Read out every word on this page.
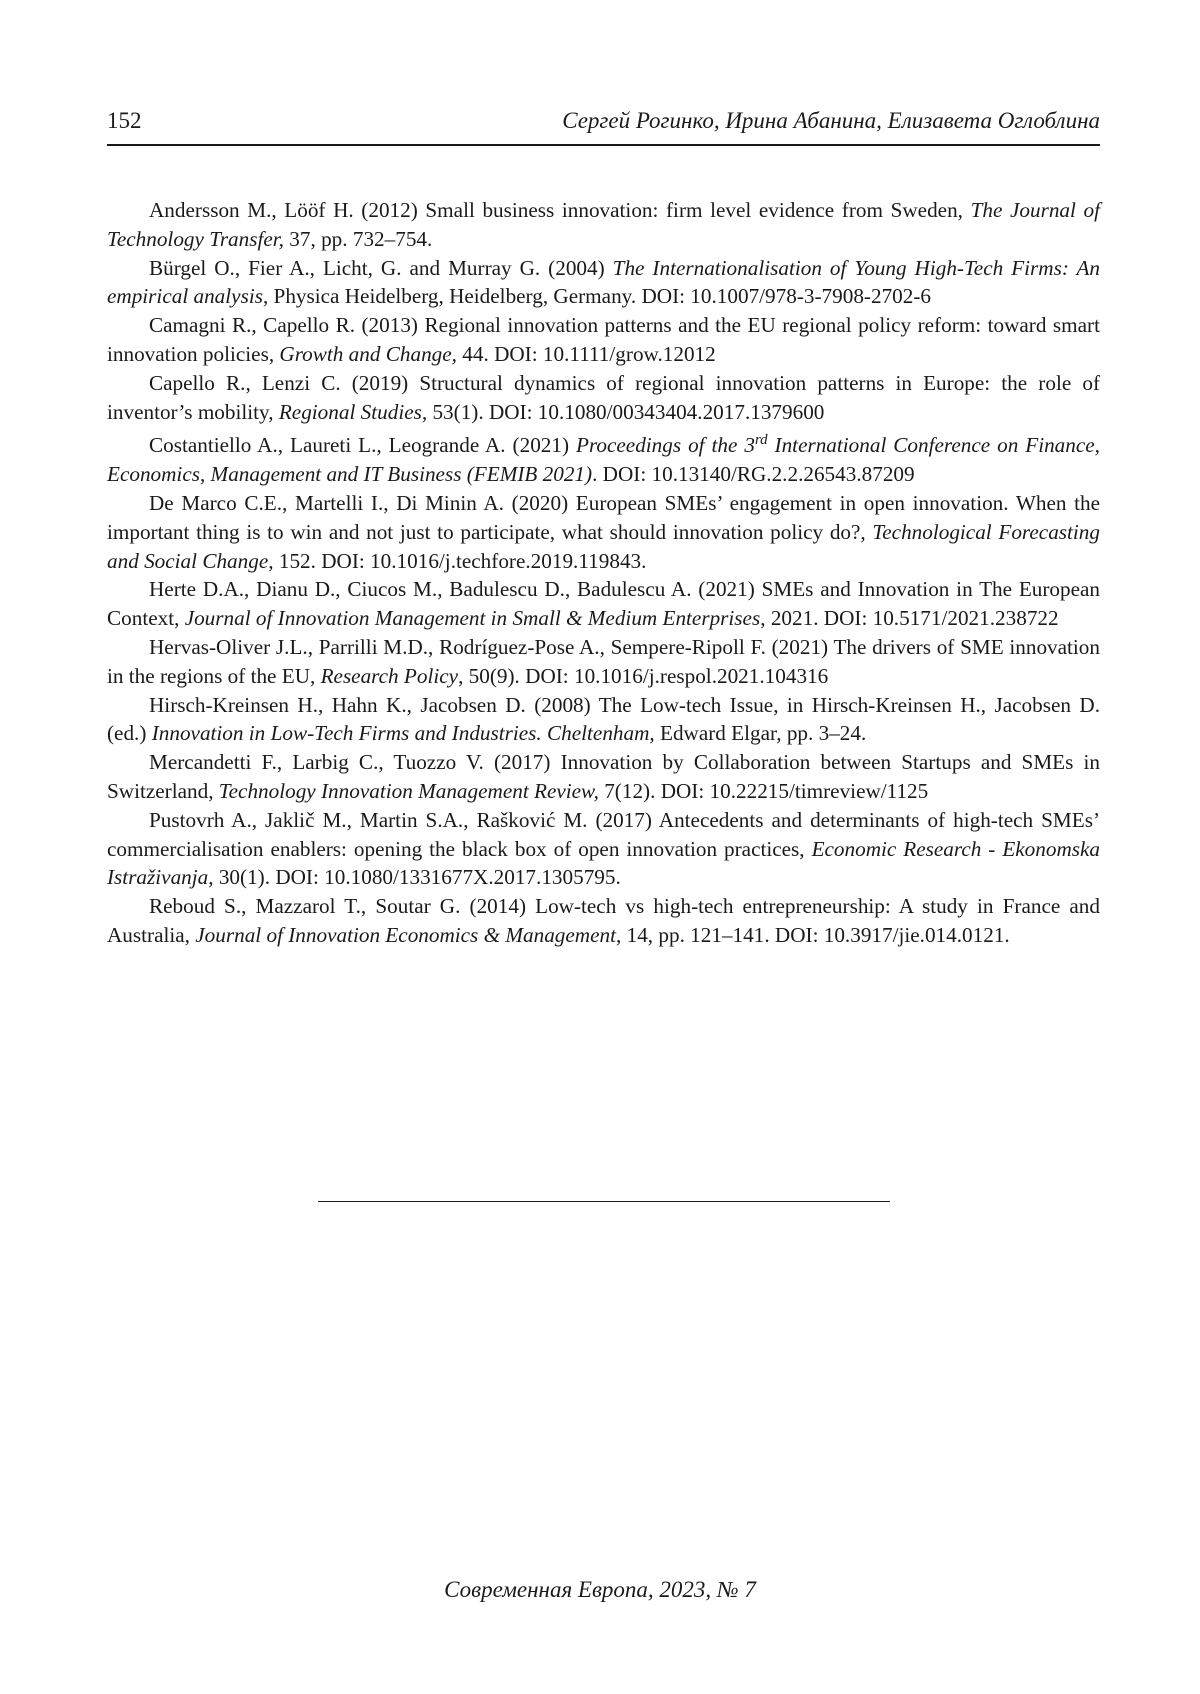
152	Сергей Рогинко, Ирина Абанина, Елизавета Оглоблина

Andersson M., Lööf H. (2012) Small business innovation: firm level evidence from Sweden, The Journal of Technology Transfer, 37, pp. 732–754.

Bürgel O., Fier A., Licht, G. and Murray G. (2004) The Internationalisation of Young High-Tech Firms: An empirical analysis, Physica Heidelberg, Heidelberg, Germany. DOI: 10.1007/978-3-7908-2702-6

Camagni R., Capello R. (2013) Regional innovation patterns and the EU regional policy reform: toward smart innovation policies, Growth and Change, 44. DOI: 10.1111/grow.12012

Capello R., Lenzi C. (2019) Structural dynamics of regional innovation patterns in Europe: the role of inventor’s mobility, Regional Studies, 53(1). DOI: 10.1080/00343404.2017.1379600

Costantiello A., Laureti L., Leogrande A. (2021) Proceedings of the 3rd International Conference on Finance, Economics, Management and IT Business (FEMIB 2021). DOI: 10.13140/RG.2.2.26543.87209

De Marco C.E., Martelli I., Di Minin A. (2020) European SMEs’ engagement in open innovation. When the important thing is to win and not just to participate, what should innovation policy do?, Technological Forecasting and Social Change, 152. DOI: 10.1016/j.techfore.2019.119843.

Herte D.A., Dianu D., Ciucos M., Badulescu D., Badulescu A. (2021) SMEs and Innovation in The European Context, Journal of Innovation Management in Small & Medium Enterprises, 2021. DOI: 10.5171/2021.238722

Hervas-Oliver J.L., Parrilli M.D., Rodríguez-Pose A., Sempere-Ripoll F. (2021) The drivers of SME innovation in the regions of the EU, Research Policy, 50(9). DOI: 10.1016/j.respol.2021.104316

Hirsch-Kreinsen H., Hahn K., Jacobsen D. (2008) The Low-tech Issue, in Hirsch-Kreinsen H., Jacobsen D. (ed.) Innovation in Low-Tech Firms and Industries. Cheltenham, Edward Elgar, pp. 3–24.

Mercandetti F., Larbig C., Tuozzo V. (2017) Innovation by Collaboration between Startups and SMEs in Switzerland, Technology Innovation Management Review, 7(12). DOI: 10.22215/timreview/1125

Pustovrh A., Jaklič M., Martin S.A., Rašković M. (2017) Antecedents and determinants of high-tech SMEs’ commercialisation enablers: opening the black box of open innovation practices, Economic Research - Ekonomska Istraživanja, 30(1). DOI: 10.1080/1331677X.2017.1305795.

Reboud S., Mazzarol T., Soutar G. (2014) Low-tech vs high-tech entrepreneurship: A study in France and Australia, Journal of Innovation Economics & Management, 14, pp. 121–141. DOI: 10.3917/jie.014.0121.

Современная Европа, 2023, № 7
